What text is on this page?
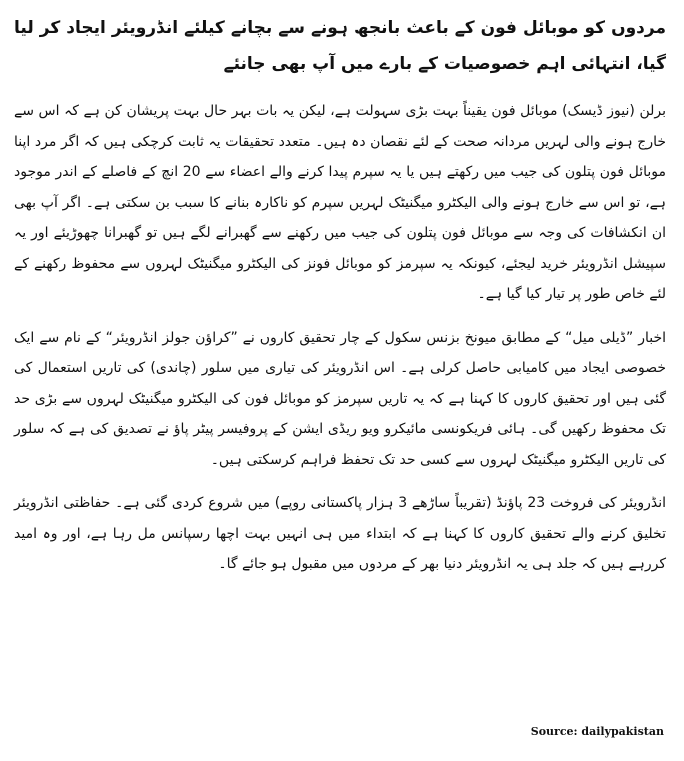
مردوں کو موبائل فون کے باعث بانجھ ہونے سے بچانے کیلئے انڈرویئر ایجاد کر لیا گیا، انتہائی اہم خصوصیات کے بارے میں آپ بھی جانئے

برلن (نیوز ڈیسک) موبائل فون یقیناً بہت بڑی سہولت ہے، لیکن یہ بات بہر حال بہت پریشان کن ہے کہ اس سے خارج ہونے والی لہریں مردانہ صحت کے لئے نقصان دہ ہیں۔ متعدد تحقیقات یہ ثابت کرچکی ہیں کہ اگر مرد اپنا موبائل فون پتلون کی جیب میں رکھتے ہیں یا یہ سپرم پیدا کرنے والے اعضاء سے 20 انچ کے فاصلے کے اندر موجود ہے، تو اس سے خارج ہونے والی الیکٹرو میگنیٹک لہریں سپرم کو ناکارہ بنانے کا سبب بن سکتی ہے۔ اگر آپ بھی ان انکشافات کی وجہ سے موبائل فون پتلون کی جیب میں رکھنے سے گھبرانے لگے ہیں تو گھبرانا چھوڑیئے اور یہ سپیشل انڈرویئر خرید لیجئے، کیونکہ یہ سپرمز کو موبائل فونز کی الیکٹرو میگنیٹک لہروں سے محفوظ رکھنے کے لئے خاص طور پر تیار کیا گیا ہے۔

اخبار ”ڈیلی میل“ کے مطابق میونخ بزنس سکول کے چار تحقیق کاروں نے ”کراؤن جولز انڈرویئر“ کے نام سے ایک خصوصی ایجاد میں کامیابی حاصل کرلی ہے۔ اس انڈرویئر کی تیاری میں سلور (چاندی) کی تاریں استعمال کی گئی ہیں اور تحقیق کاروں کا کہنا ہے کہ یہ تاریں سپرمز کو موبائل فون کی الیکٹرو میگنیٹک لہروں سے بڑی حد تک محفوظ رکھیں گی۔ ہائی فریکونسی مائیکرو ویو ریڈی ایشن کے پروفیسر پیٹر پاؤ نے تصدیق کی ہے کہ سلور کی تاریں الیکٹرو میگنیٹک لہروں سے کسی حد تک تحفظ فراہم کرسکتی ہیں۔

انڈرویئر کی فروخت 23 پاؤنڈ (تقریباً ساڑھے 3 ہزار پاکستانی روپے) میں شروع کردی گئی ہے۔ حفاظتی انڈرویئر تخلیق کرنے والے تحقیق کاروں کا کہنا ہے کہ ابتداء میں ہی انہیں بہت اچھا رسپانس مل رہا ہے، اور وہ امید کررہے ہیں کہ جلد ہی یہ انڈرویئر دنیا بھر کے مردوں میں مقبول ہو جائے گا۔

Source: dailypakistan
